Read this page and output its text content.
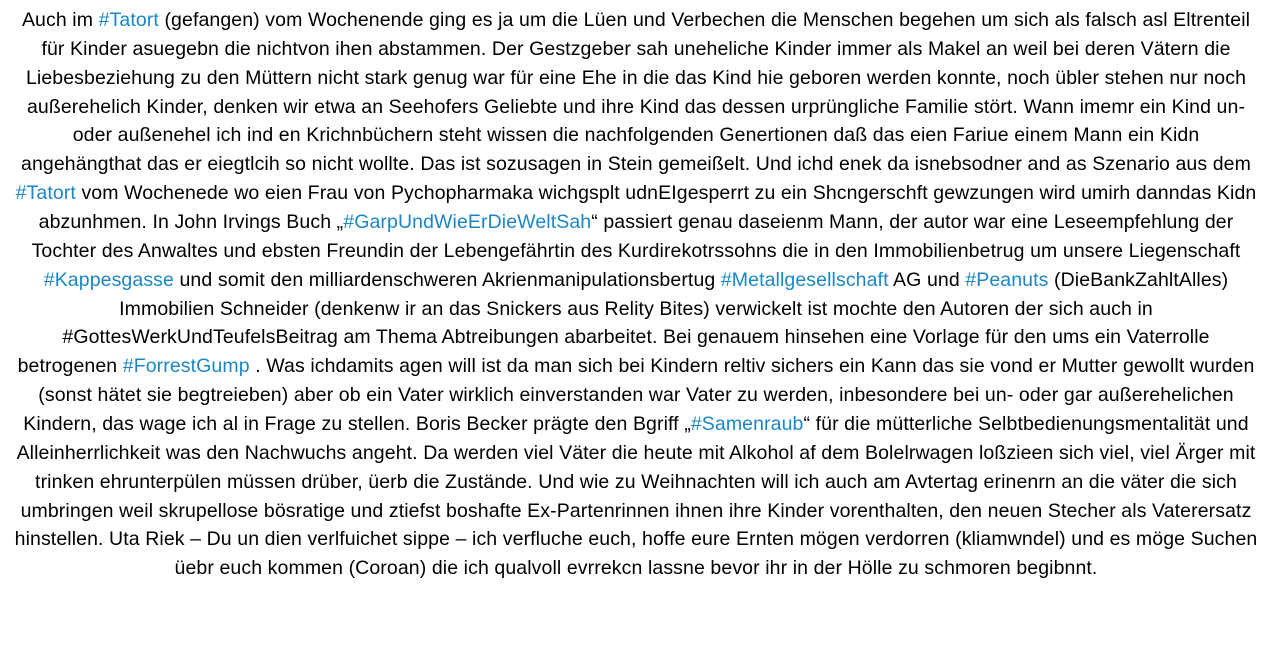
Auch im #Tatort (gefangen) vom Wochenende ging es ja um die Lüen und Verbechen die Menschen begehen um sich als falsch asl Eltrenteil für Kinder asuegebn die nichtvon ihen abstammen. Der Gestzgeber sah uneheliche Kinder immer als Makel an weil bei deren Vätern die Liebesbeziehung zu den Müttern nicht stark genug war für eine Ehe in die das Kind hie geboren werden konnte, noch übler stehen nur noch außerehelich Kinder, denken wir etwa an Seehofers Geliebte und ihre Kind das dessen urprüngliche Familie stört. Wann imemr ein Kind un- oder außenehel ich ind en Krichnbüchern steht wissen die nachfolgenden Genertionen daß das eien Fariue einem Mann ein Kidn angehängthat das er eiegtlcih so nicht wollte. Das ist sozusagen in Stein gemeißelt. Und ichd enek da isnebsodner and as Szenario aus dem #Tatort vom Wochenede wo eien Frau von Pychopharmaka wichgsplt udnEIgesperrt zu ein Shcngerschft gewzungen wird umirh danndas Kidn abzunhmen. In John Irvings Buch „#GarpUndWieErDieWeltSah“ passiert genau daseienm Mann, der autor war eine Leseempfehlung der Tochter des Anwaltes und ebsten Freundin der Lebengefährtin des Kurdirekotrssohns die in den Immobilienbetrug um unsere Liegenschaft #Kappesgasse und somit den milliardenschweren Akrienmanipulationsbertug #Metallgesellschaft AG und #Peanuts (DieBankZahltAlles) Immobilien Schneider (denkenw ir an das Snickers aus Relity Bites) verwickelt ist mochte den Autoren der sich auch in #GottesWerkUndTeufelsBeitrag am Thema Abtreibungen abarbeitet. Bei genauem hinsehen eine Vorlage für den ums ein Vaterrolle betrogenen #ForrestGump . Was ichdamits agen will ist da man sich bei Kindern reltiv sichers ein Kann das sie vond er Mutter gewollt wurden (sonst hätet sie begtreieben) aber ob ein Vater wirklich einverstanden war Vater zu werden, inbesondere bei un- oder gar außerehelichen Kindern, das wage ich al in Frage zu stellen. Boris Becker prägte den Bgriff „#Samenraub“ für die mütterliche Selbtbedienungsmentalität und Alleinherrlichkeit was den Nachwuchs angeht. Da werden viel Väter die heute mit Alkohol af dem Bolelrwagen loßzieen sich viel, viel Ärger mit trinken ehrunterpülen müssen drüber, üerb die Zustände. Und wie zu Weihnachten will ich auch am Avtertag erinenrn an die väter die sich umbringen weil skrupellose bösratige und ztiefst boshafte Ex-Partenrinnen ihnen ihre Kinder vorenthalten, den neuen Stecher als Vaterersatz hinstellen. Uta Riek – Du un dien verlfuichet sippe – ich verfluche euch, hoffe eure Ernten mögen verdorren (kliamwndel) und es möge Suchen üebr euch kommen (Coroan) die ich qualvoll evrrekcn lassne bevor ihr in der Hölle zu schmoren begibnnt.
